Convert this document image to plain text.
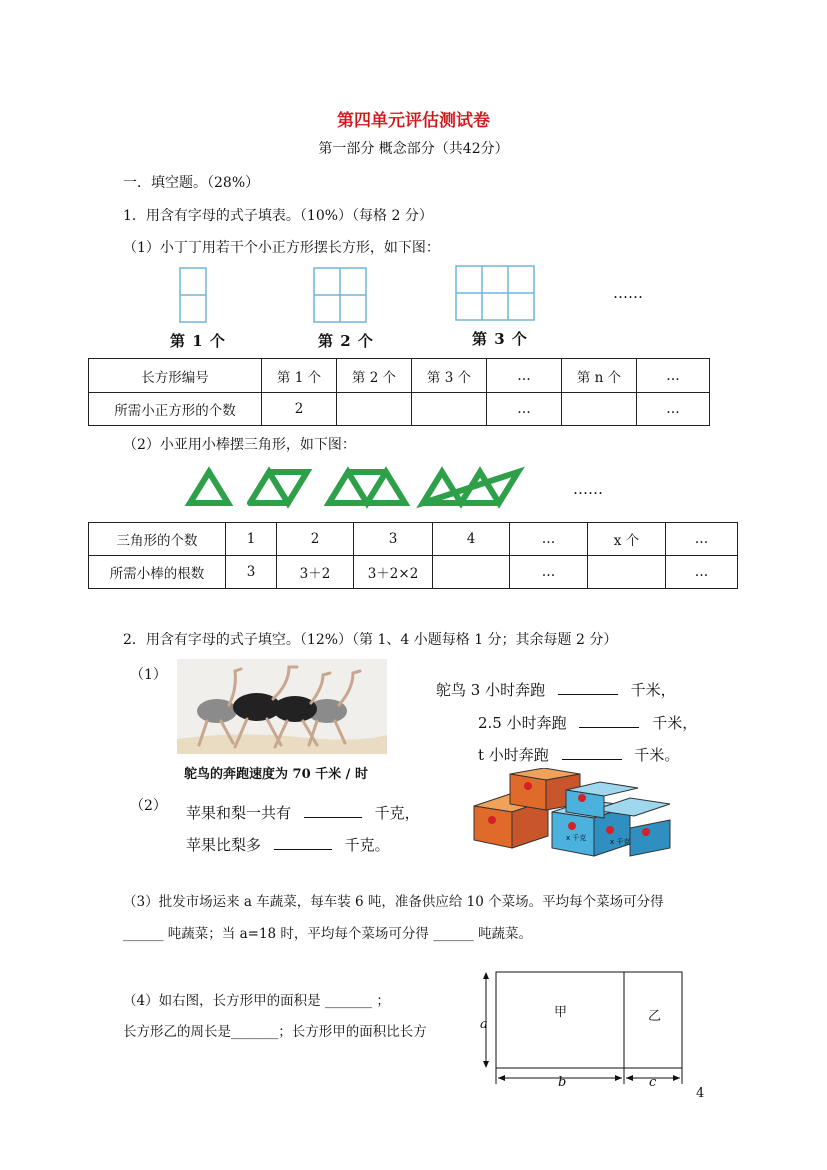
第四单元评估测试卷
第一部分 概念部分（共42分）
一．填空题。（28%）
1．用含有字母的式子填表。（10%）（每格 2 分）
（1）小丁丁用若干个小正方形摆长方形，如下图：
第 1 个	第 2 个	第 3 个
……
长方形编号	第 1 个	第 2 个	第 3 个	…	第 n 个	…
所需小正方形的个数	2			…		…
（2）小亚用小棒摆三角形，如下图：
……
三角形的个数	1	2	3	4	…	x 个	…
所需小棒的根数	3	3＋2	3＋2×2		…		…
2．用含有字母的式子填空。（12%）（第 1、4 小题每格 1 分；其余每题 2 分）
（1）
鸵鸟的奔跑速度为 70 千米 / 时
鸵鸟 3 小时奔跑	千米，
2.5 小时奔跑	千米，
t 小时奔跑	千米。
（2） 苹果和梨一共有	千克，
苹果比梨多	千克。	x 千克	x 千克
（3）批发市场运来 a 车蔬菜，每车装 6 吨，准备供应给 10 个菜场。平均每个菜场可分得
______ 吨蔬菜；当 a=18 时，平均每个菜场可分得 ______ 吨蔬菜。
（4）如右图，长方形甲的面积是 _______ ；
长方形乙的周长是_______；长方形甲的面积比长方
甲	乙
a
b	c
4
